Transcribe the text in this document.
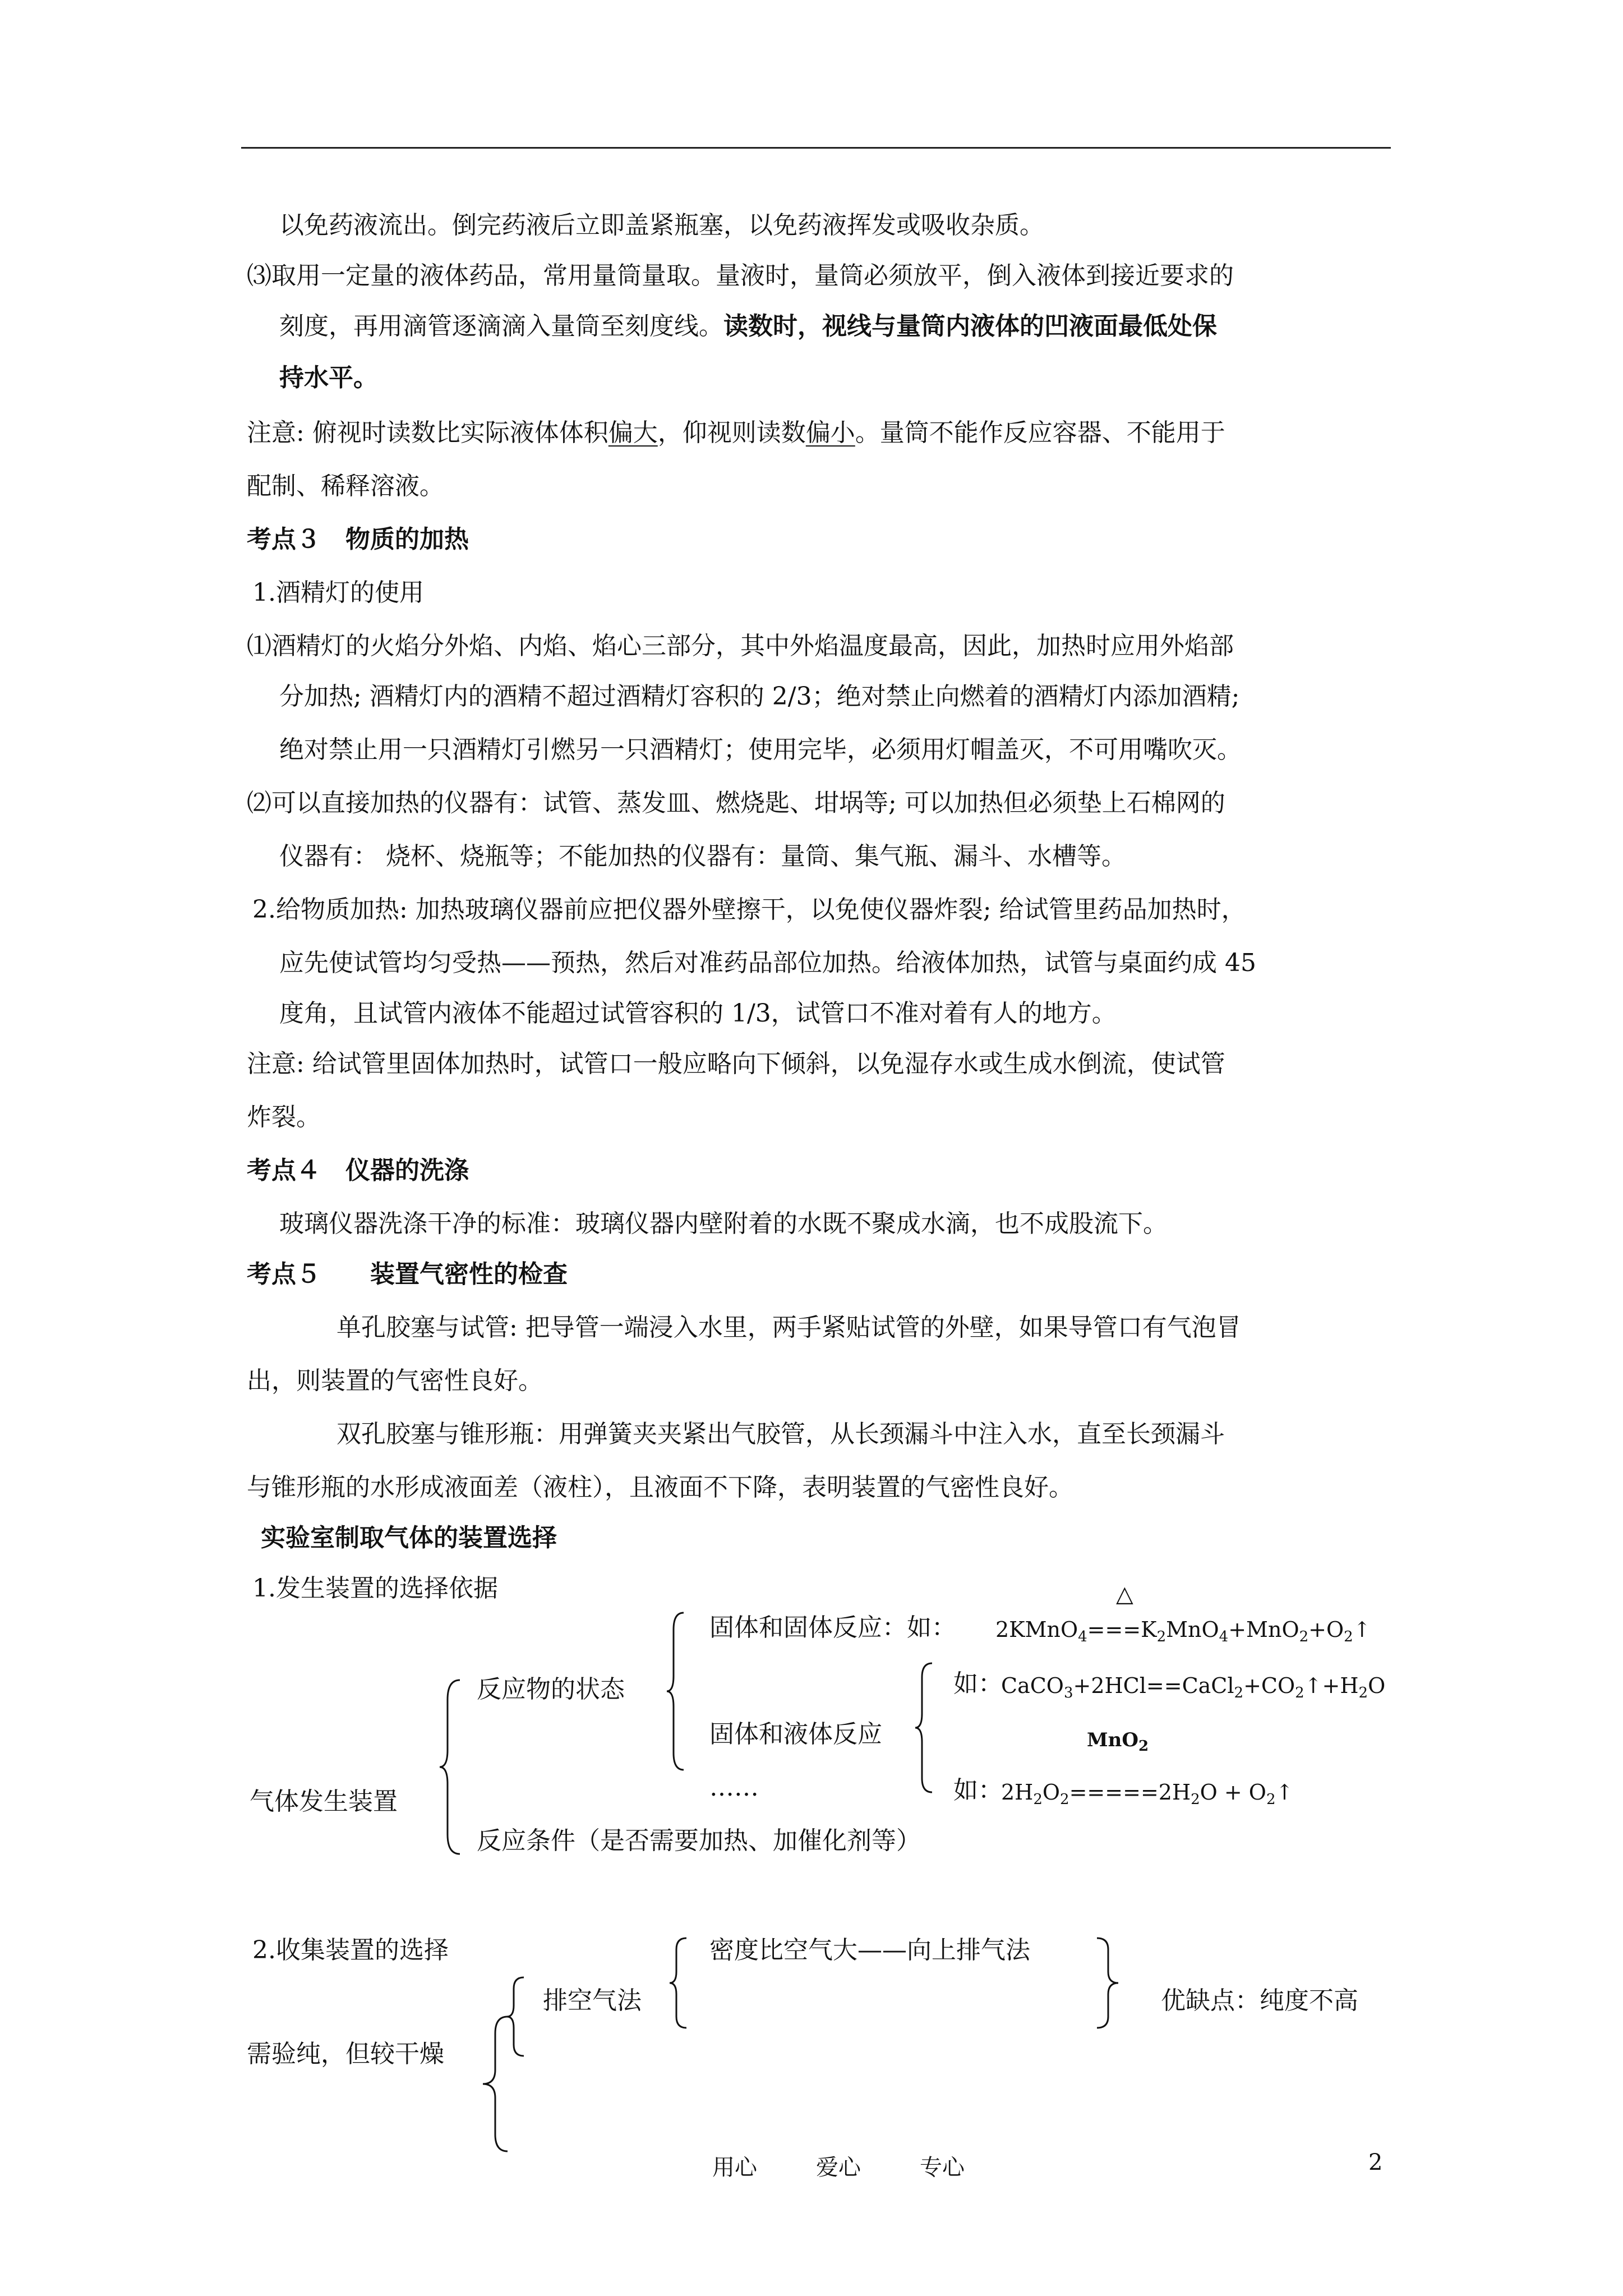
以免药液流出。倒完药液后立即盖紧瓶塞，以免药液挥发或吸收杂质。
⑶取用一定量的液体药品，常用量筒量取。量液时，量筒必须放平，倒入液体到接近要求的
刻度，再用滴管逐滴滴入量筒至刻度线。读数时，视线与量筒内液体的凹液面最低处保
持水平。
注意: 俯视时读数比实际液体体积偏大，仰视则读数偏小。量筒不能作反应容器、不能用于
配制、稀释溶液。
考点３　物质的加热
1.酒精灯的使用
⑴酒精灯的火焰分外焰、内焰、焰心三部分，其中外焰温度最高，因此，加热时应用外焰部
分加热; 酒精灯内的酒精不超过酒精灯容积的 2/3；绝对禁止向燃着的酒精灯内添加酒精;
绝对禁止用一只酒精灯引燃另一只酒精灯；使用完毕，必须用灯帽盖灭，不可用嘴吹灭。
⑵可以直接加热的仪器有：试管、蒸发皿、燃烧匙、坩埚等; 可以加热但必须垫上石棉网的
仪器有： 烧杯、烧瓶等；不能加热的仪器有：量筒、集气瓶、漏斗、水槽等。
2.给物质加热: 加热玻璃仪器前应把仪器外壁擦干，以免使仪器炸裂; 给试管里药品加热时，
应先使试管均匀受热——预热，然后对准药品部位加热。给液体加热，试管与桌面约成 45
度角，且试管内液体不能超过试管容积的 1/3，试管口不准对着有人的地方。
注意: 给试管里固体加热时，试管口一般应略向下倾斜，以免湿存水或生成水倒流，使试管
炸裂。
考点４　仪器的洗涤
玻璃仪器洗涤干净的标准：玻璃仪器内壁附着的水既不聚成水滴，也不成股流下。
考点５　　装置气密性的检查
单孔胶塞与试管: 把导管一端浸入水里，两手紧贴试管的外壁，如果导管口有气泡冒
出，则装置的气密性良好。
双孔胶塞与锥形瓶：用弹簧夹夹紧出气胶管，从长颈漏斗中注入水，直至长颈漏斗
与锥形瓶的水形成液面差（液柱），且液面不下降，表明装置的气密性良好。
实验室制取气体的装置选择
1.发生装置的选择依据
气体发生装置
反应物的状态
反应条件（是否需要加热、加催化剂等）
△
固体和固体反应：如： $2KMnO_4===K_2MnO_4+MnO_2+O_2↑$
固体和液体反应
……
如：
$CaCO_3+2HCl==CaCl_2+CO_2↑+H_2O$
MnO$_2$
如：
$2H_2O_2=====2H_2O$ + $O_2↑$
2.收集装置的选择	密度比空气大——向上排气法
优缺点：纯度不高
排空气法
需验纯，但较干燥
用心	爱心	专心	2
